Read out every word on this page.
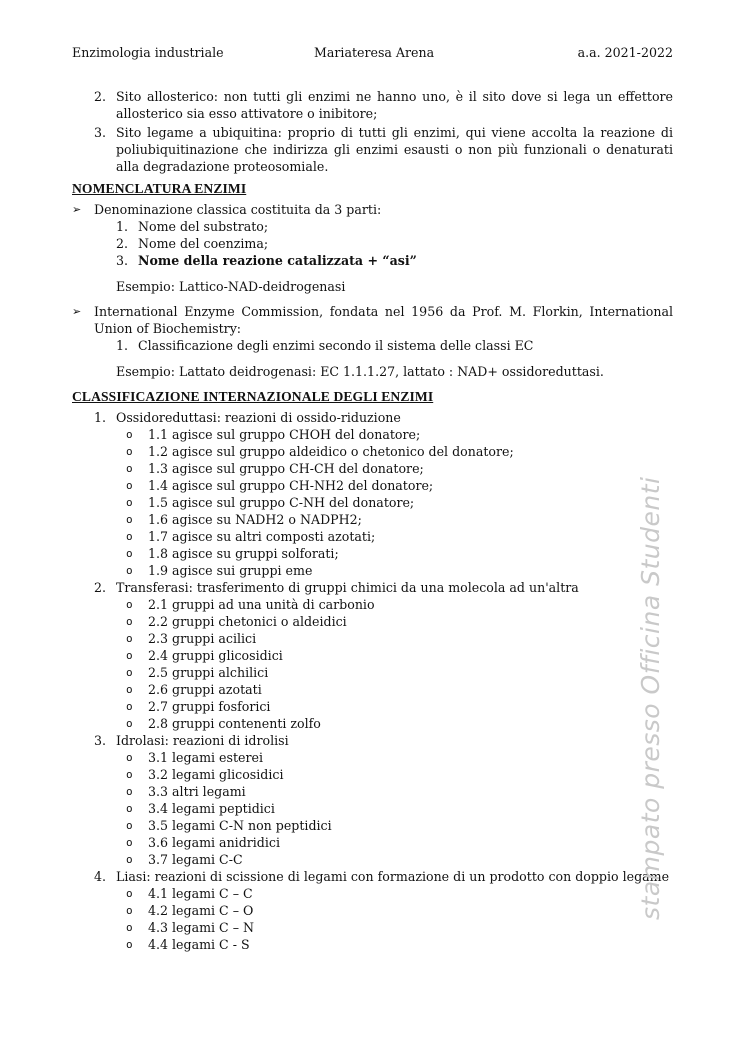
Enzimologia industriale	Mariateresa Arena	a.a. 2021-2022
2. Sito allosterico: non tutti gli enzimi ne hanno uno, è il sito dove si lega un effettore allosterico sia esso attivatore o inibitore;
3. Sito legame a ubiquitina: proprio di tutti gli enzimi, qui viene accolta la reazione di poliubiquitinazione che indirizza gli enzimi esausti o non più funzionali o denaturati alla degradazione proteosomiale.
NOMENCLATURA ENZIMI
➢ Denominazione classica costituita da 3 parti:
1. Nome del substrato;
2. Nome del coenzima;
3. Nome della reazione catalizzata + “asi”
Esempio: Lattico-NAD-deidrogenasi
➢ International Enzyme Commission, fondata nel 1956 da Prof. M. Florkin, International Union of Biochemistry:
1. Classificazione degli enzimi secondo il sistema delle classi EC
Esempio: Lattato deidrogenasi: EC 1.1.1.27, lattato : NAD+ ossidoreduttasi.
CLASSIFICAZIONE INTERNAZIONALE DEGLI ENZIMI
1. Ossidoreduttasi: reazioni di ossido-riduzione
o 1.1 agisce sul gruppo CHOH del donatore;
o 1.2 agisce sul gruppo aldeidico o chetonico del donatore;
o 1.3 agisce sul gruppo CH-CH del donatore;
o 1.4 agisce sul gruppo CH-NH2 del donatore;
o 1.5 agisce sul gruppo C-NH del donatore;
o 1.6 agisce su NADH2 o NADPH2;
o 1.7 agisce su altri composti azotati;
o 1.8 agisce su gruppi solforati;
o 1.9 agisce sui gruppi eme
2. Transferasi: trasferimento di gruppi chimici da una molecola ad un'altra
o 2.1 gruppi ad una unità di carbonio
o 2.2 gruppi chetonici o aldeidici
o 2.3 gruppi acilici
o 2.4 gruppi glicosidici
o 2.5 gruppi alchilici
o 2.6 gruppi azotati
o 2.7 gruppi fosforici
o 2.8 gruppi contenenti zolfo
3. Idrolasi: reazioni di idrolisi
o 3.1 legami esterei
o 3.2 legami glicosidici
o 3.3 altri legami
o 3.4 legami peptidici
o 3.5 legami C-N non peptidici
o 3.6 legami anidridici
o 3.7 legami C-C
4. Liasi: reazioni di scissione di legami con formazione di un prodotto con doppio legame
o 4.1 legami C – C
o 4.2 legami C – O
o 4.3 legami C – N
o 4.4 legami C - S
stampato presso Officina Studenti
